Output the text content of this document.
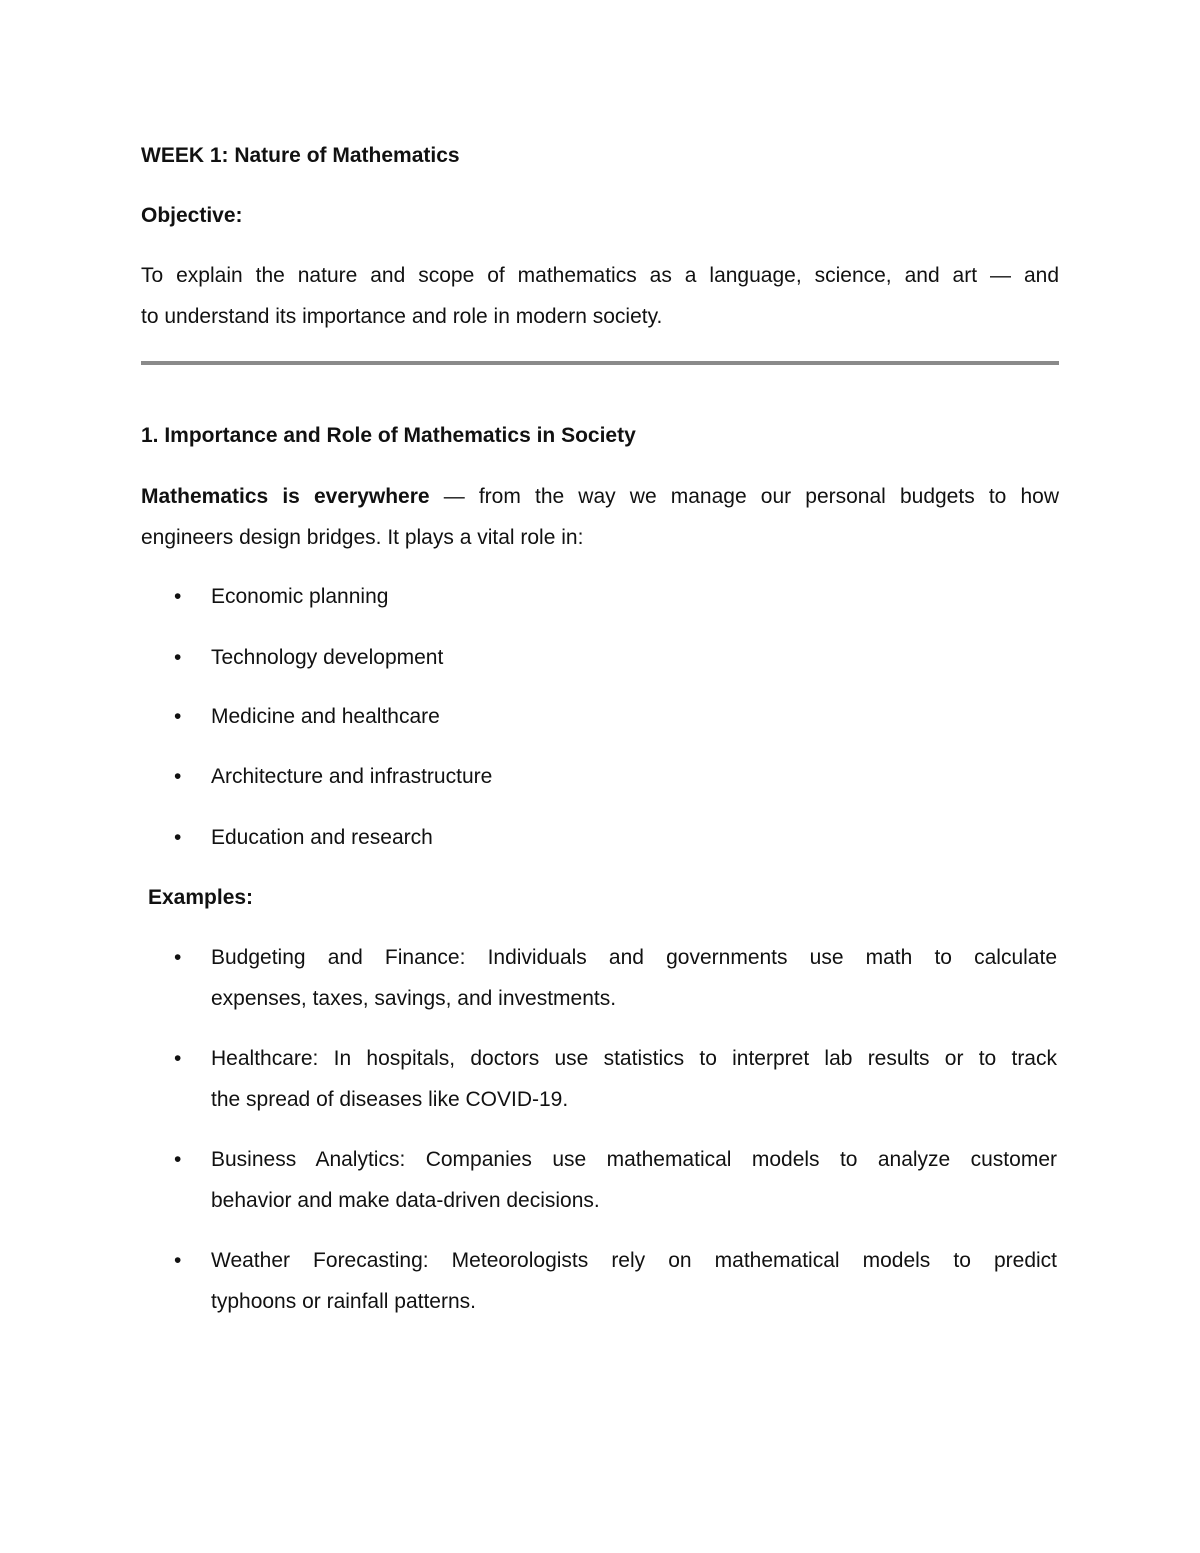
WEEK 1: Nature of Mathematics
Objective:
To explain the nature and scope of mathematics as a language, science, and art — and
to understand its importance and role in modern society.
1. Importance and Role of Mathematics in Society
Mathematics is everywhere — from the way we manage our personal budgets to how
engineers design bridges. It plays a vital role in:
• Economic planning
• Technology development
• Medicine and healthcare
• Architecture and infrastructure
• Education and research
Examples:
• Budgeting and Finance: Individuals and governments use math to calculate
expenses, taxes, savings, and investments.
• Healthcare: In hospitals, doctors use statistics to interpret lab results or to track
the spread of diseases like COVID-19.
• Business Analytics: Companies use mathematical models to analyze customer
behavior and make data-driven decisions.
• Weather Forecasting: Meteorologists rely on mathematical models to predict
typhoons or rainfall patterns.
